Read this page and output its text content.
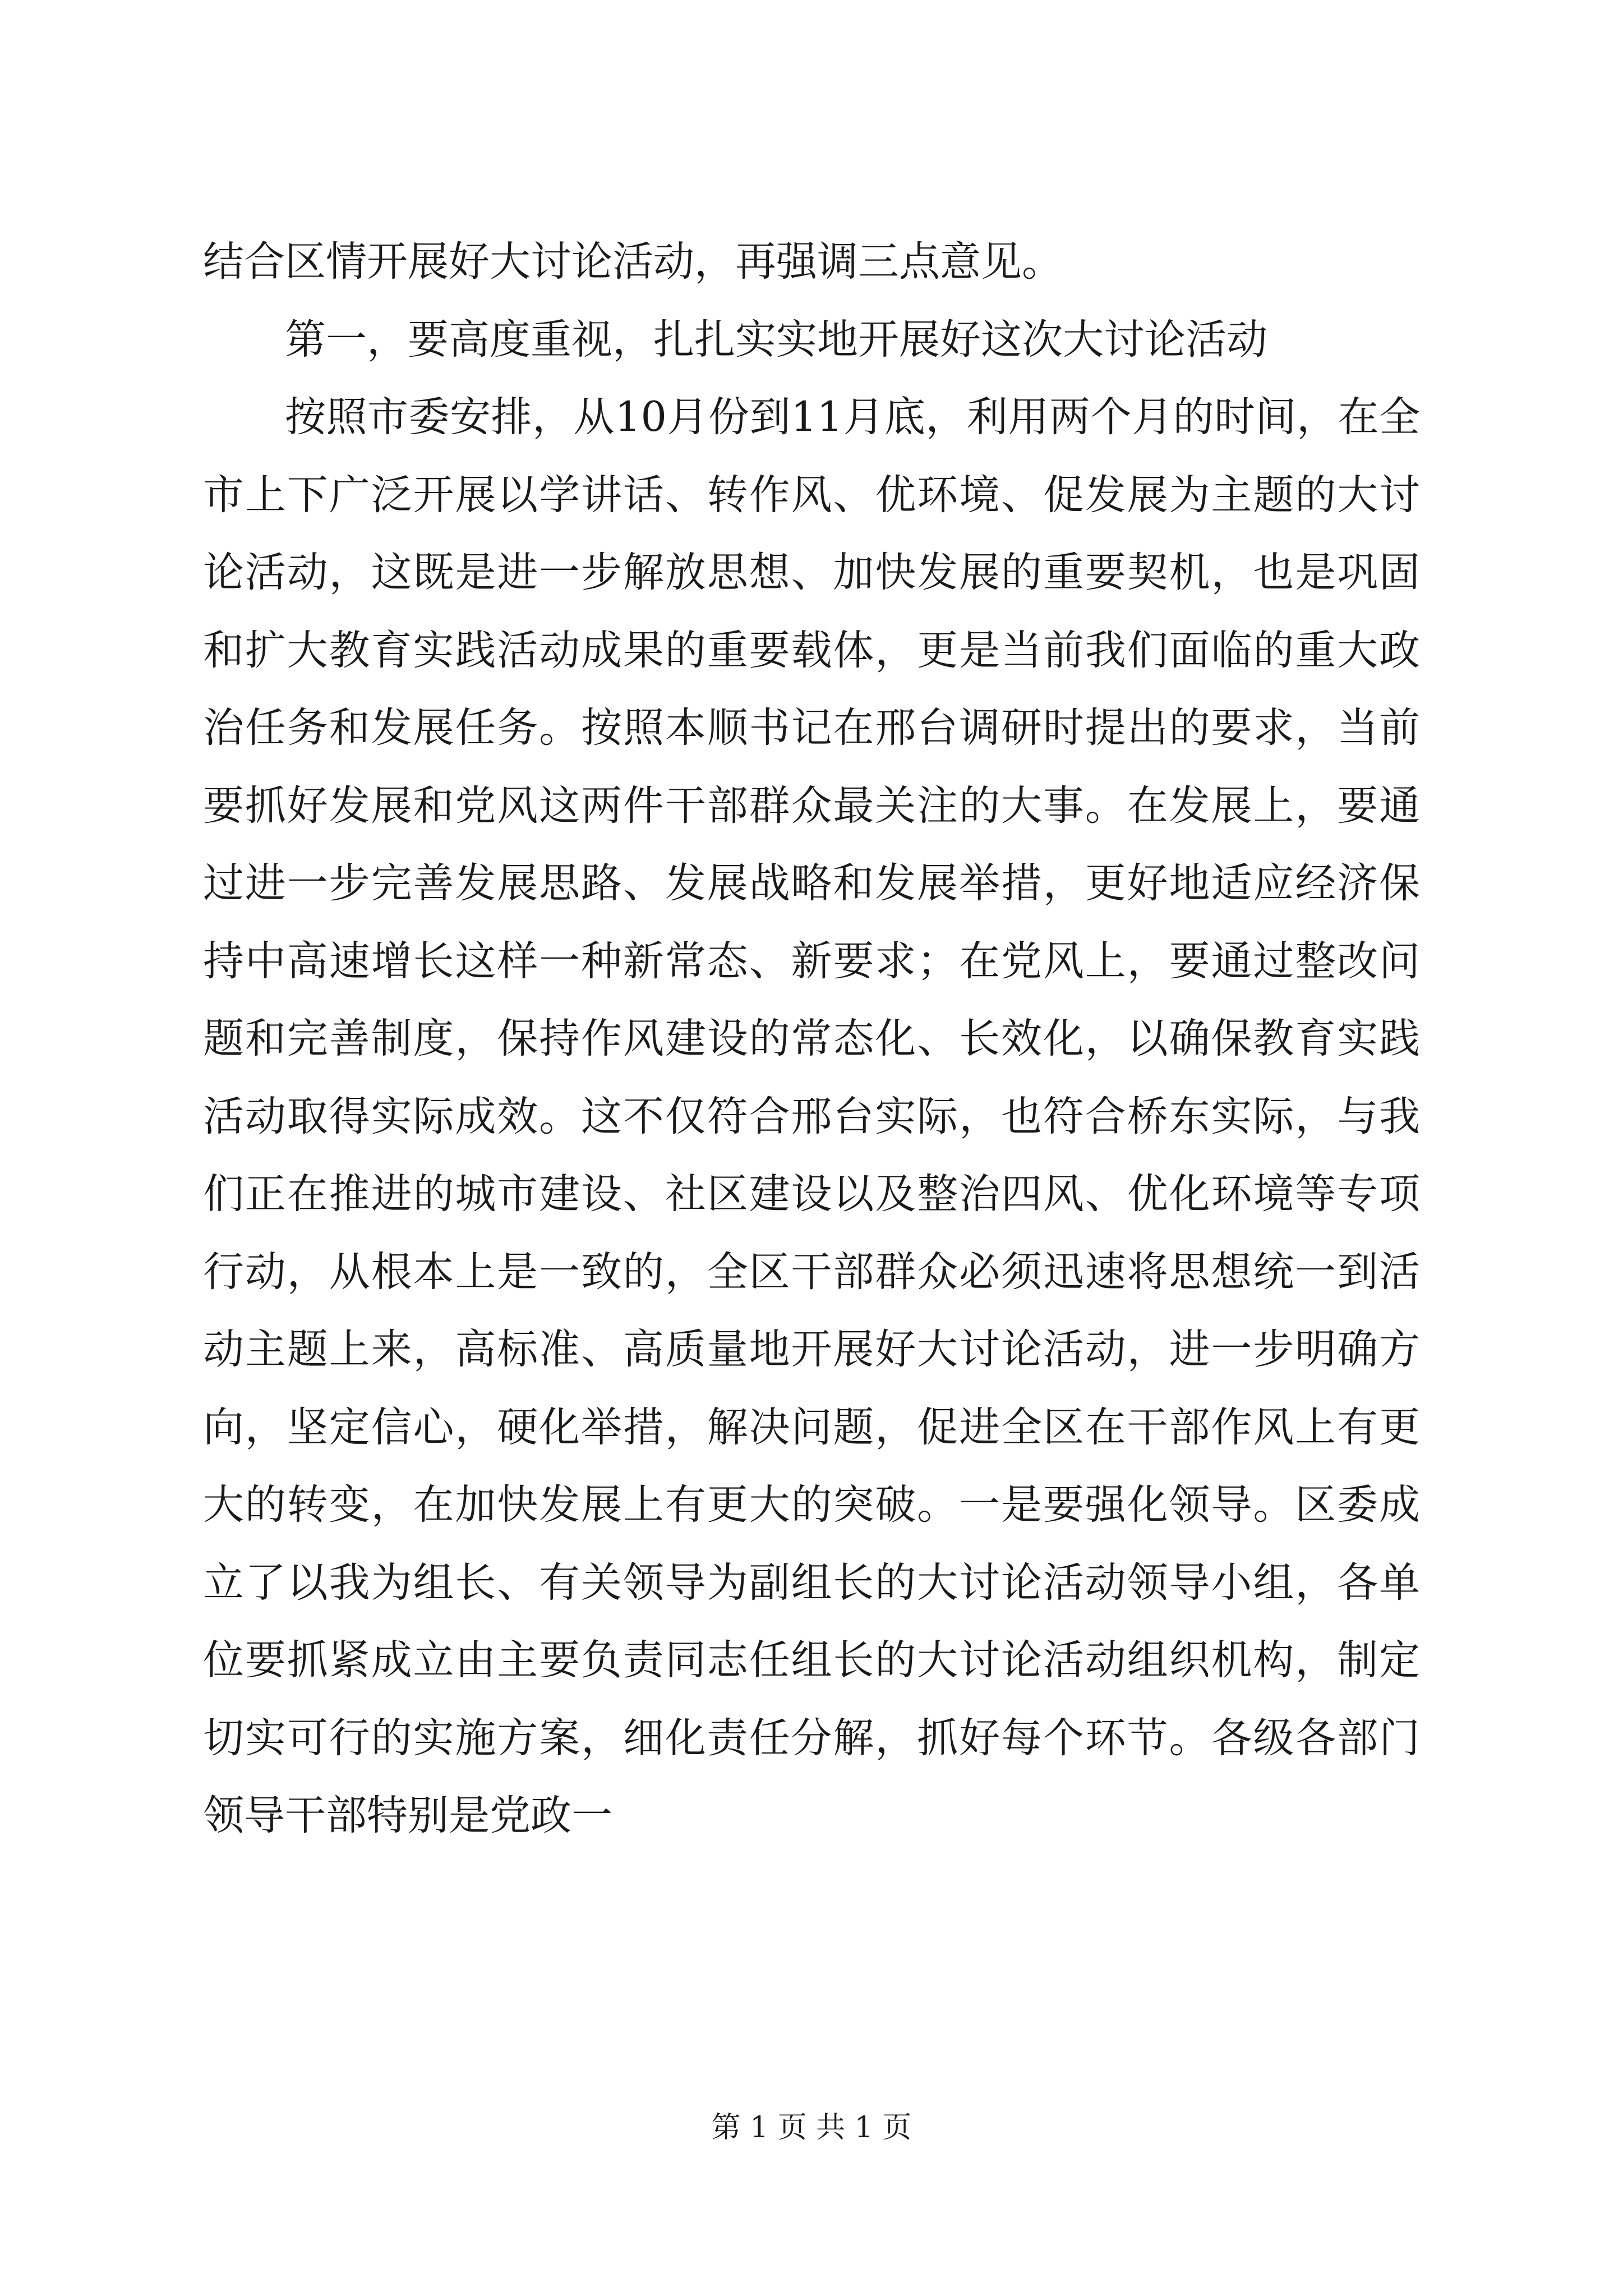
结合区情开展好大讨论活动，再强调三点意见。

第一，要高度重视，扎扎实实地开展好这次大讨论活动

按照市委安排，从10月份到11月底，利用两个月的时间，在全市上下广泛开展以学讲话、转作风、优环境、促发展为主题的大讨论活动，这既是进一步解放思想、加快发展的重要契机，也是巩固和扩大教育实践活动成果的重要载体，更是当前我们面临的重大政治任务和发展任务。按照本顺书记在邢台调研时提出的要求，当前要抓好发展和党风这两件干部群众最关注的大事。在发展上，要通过进一步完善发展思路、发展战略和发展举措，更好地适应经济保持中高速增长这样一种新常态、新要求；在党风上，要通过整改问题和完善制度，保持作风建设的常态化、长效化，以确保教育实践活动取得实际成效。这不仅符合邢台实际，也符合桥东实际，与我们正在推进的城市建设、社区建设以及整治四风、优化环境等专项行动，从根本上是一致的，全区干部群众必须迅速将思想统一到活动主题上来，高标准、高质量地开展好大讨论活动，进一步明确方向，坚定信心，硬化举措，解决问题，促进全区在干部作风上有更大的转变，在加快发展上有更大的突破。一是要强化领导。区委成立了以我为组长、有关领导为副组长的大讨论活动领导小组，各单位要抓紧成立由主要负责同志任组长的大讨论活动组织机构，制定切实可行的实施方案，细化责任分解，抓好每个环节。各级各部门领导干部特别是党政一

第 1 页 共 1 页
